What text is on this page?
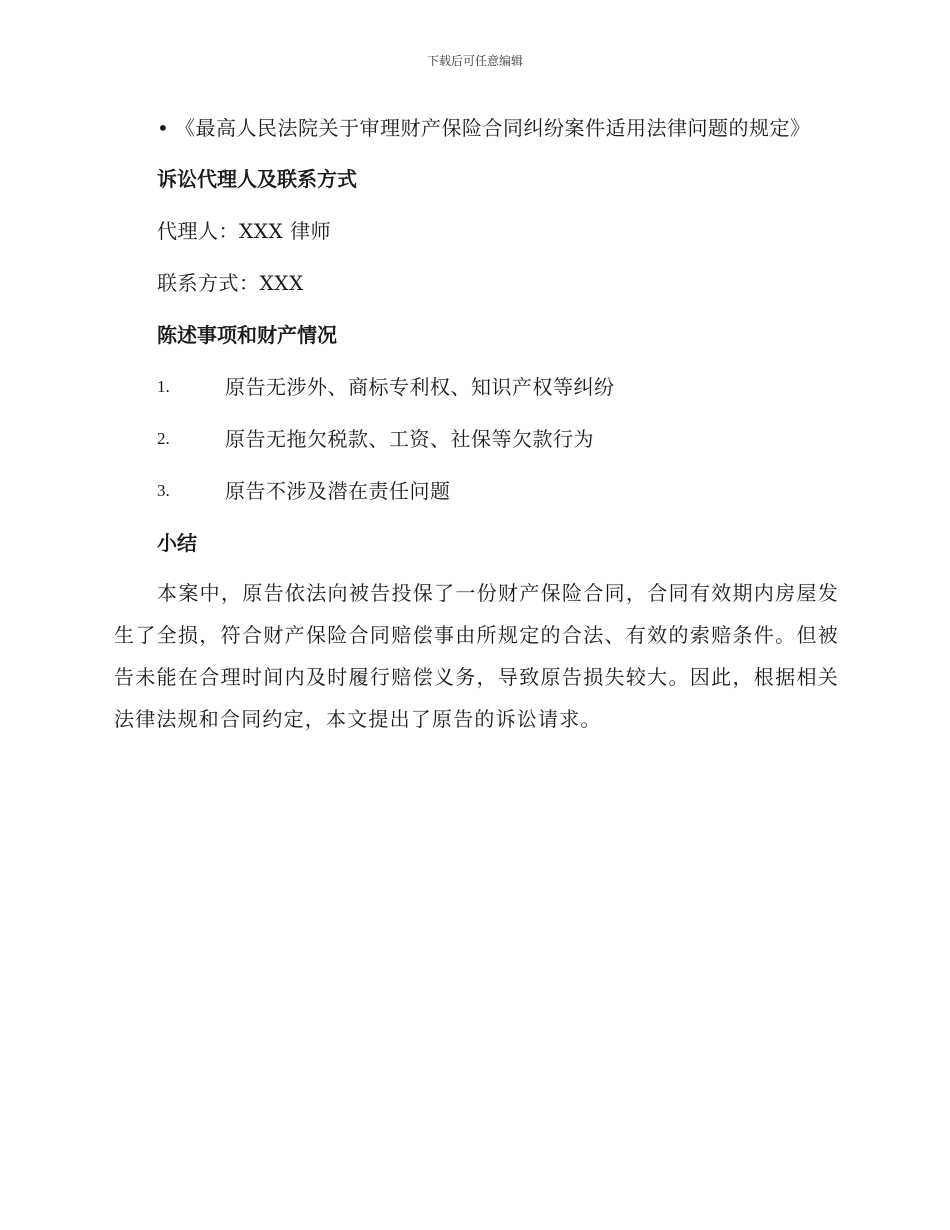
下载后可任意编辑

• 《最高人民法院关于审理财产保险合同纠纷案件适用法律问题的规定》

诉讼代理人及联系方式

代理人：XXX 律师

联系方式：XXX

陈述事项和财产情况

1.	原告无涉外、商标专利权、知识产权等纠纷
2.	原告无拖欠税款、工资、社保等欠款行为
3.	原告不涉及潜在责任问题

小结

本案中，原告依法向被告投保了一份财产保险合同，合同有效期内房屋发生了全损，符合财产保险合同赔偿事由所规定的合法、有效的索赔条件。但被告未能在合理时间内及时履行赔偿义务，导致原告损失较大。因此，根据相关法律法规和合同约定，本文提出了原告的诉讼请求。
